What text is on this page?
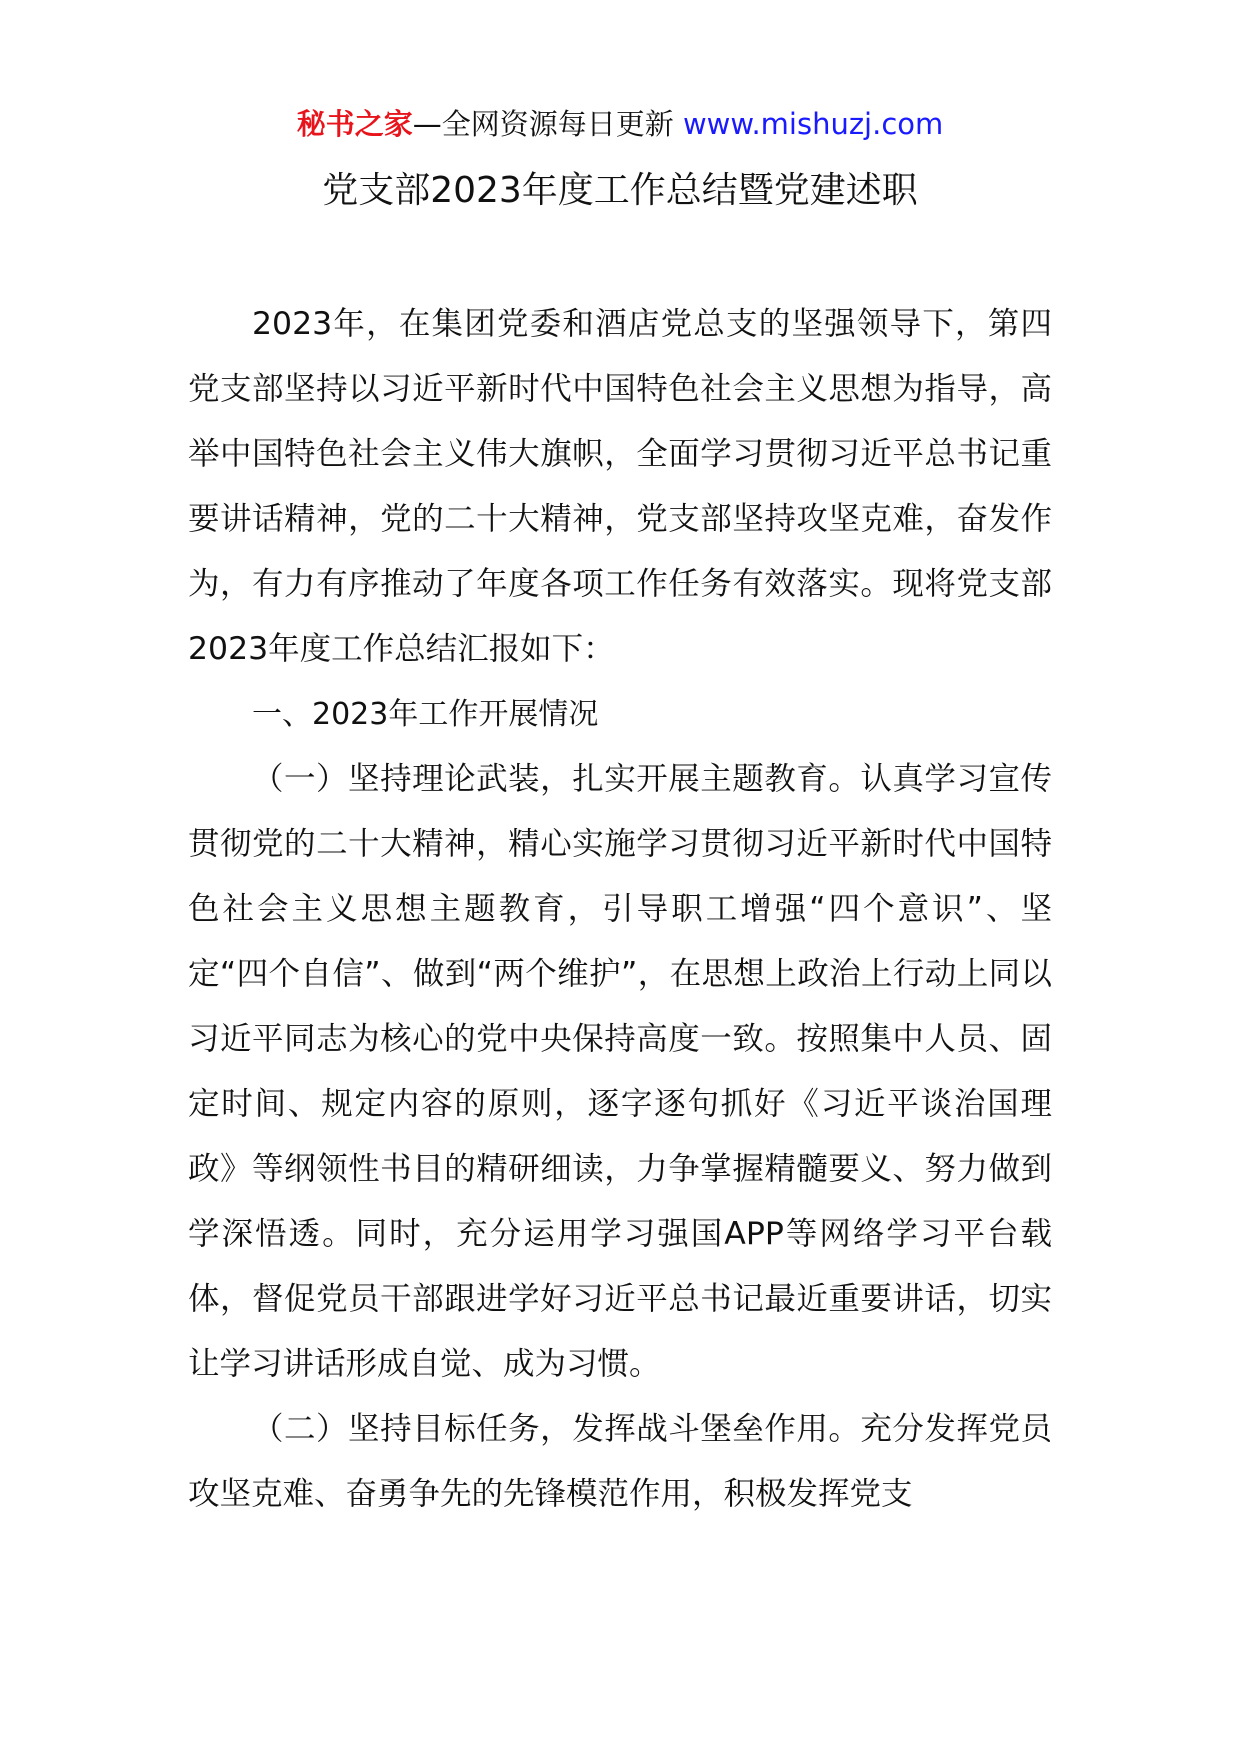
秘书之家—全网资源每日更新 www.mishuzj.com
党支部2023年度工作总结暨党建述职

2023年，在集团党委和酒店党总支的坚强领导下，第四党支部坚持以习近平新时代中国特色社会主义思想为指导，高举中国特色社会主义伟大旗帜，全面学习贯彻习近平总书记重要讲话精神，党的二十大精神，党支部坚持攻坚克难，奋发作为，有力有序推动了年度各项工作任务有效落实。现将党支部2023年度工作总结汇报如下：

一、2023年工作开展情况

（一）坚持理论武装，扎实开展主题教育。认真学习宣传贯彻党的二十大精神，精心实施学习贯彻习近平新时代中国特色社会主义思想主题教育，引导职工增强“四个意识”、坚定“四个自信”、做到“两个维护”，在思想上政治上行动上同以习近平同志为核心的党中央保持高度一致。按照集中人员、固定时间、规定内容的原则，逐字逐句抓好《习近平谈治国理政》等纲领性书目的精研细读，力争掌握精髓要义、努力做到学深悟透。同时，充分运用学习强国APP等网络学习平台载体，督促党员干部跟进学好习近平总书记最近重要讲话，切实让学习讲话形成自觉、成为习惯。

（二）坚持目标任务，发挥战斗堡垒作用。充分发挥党员攻坚克难、奋勇争先的先锋模范作用，积极发挥党支
